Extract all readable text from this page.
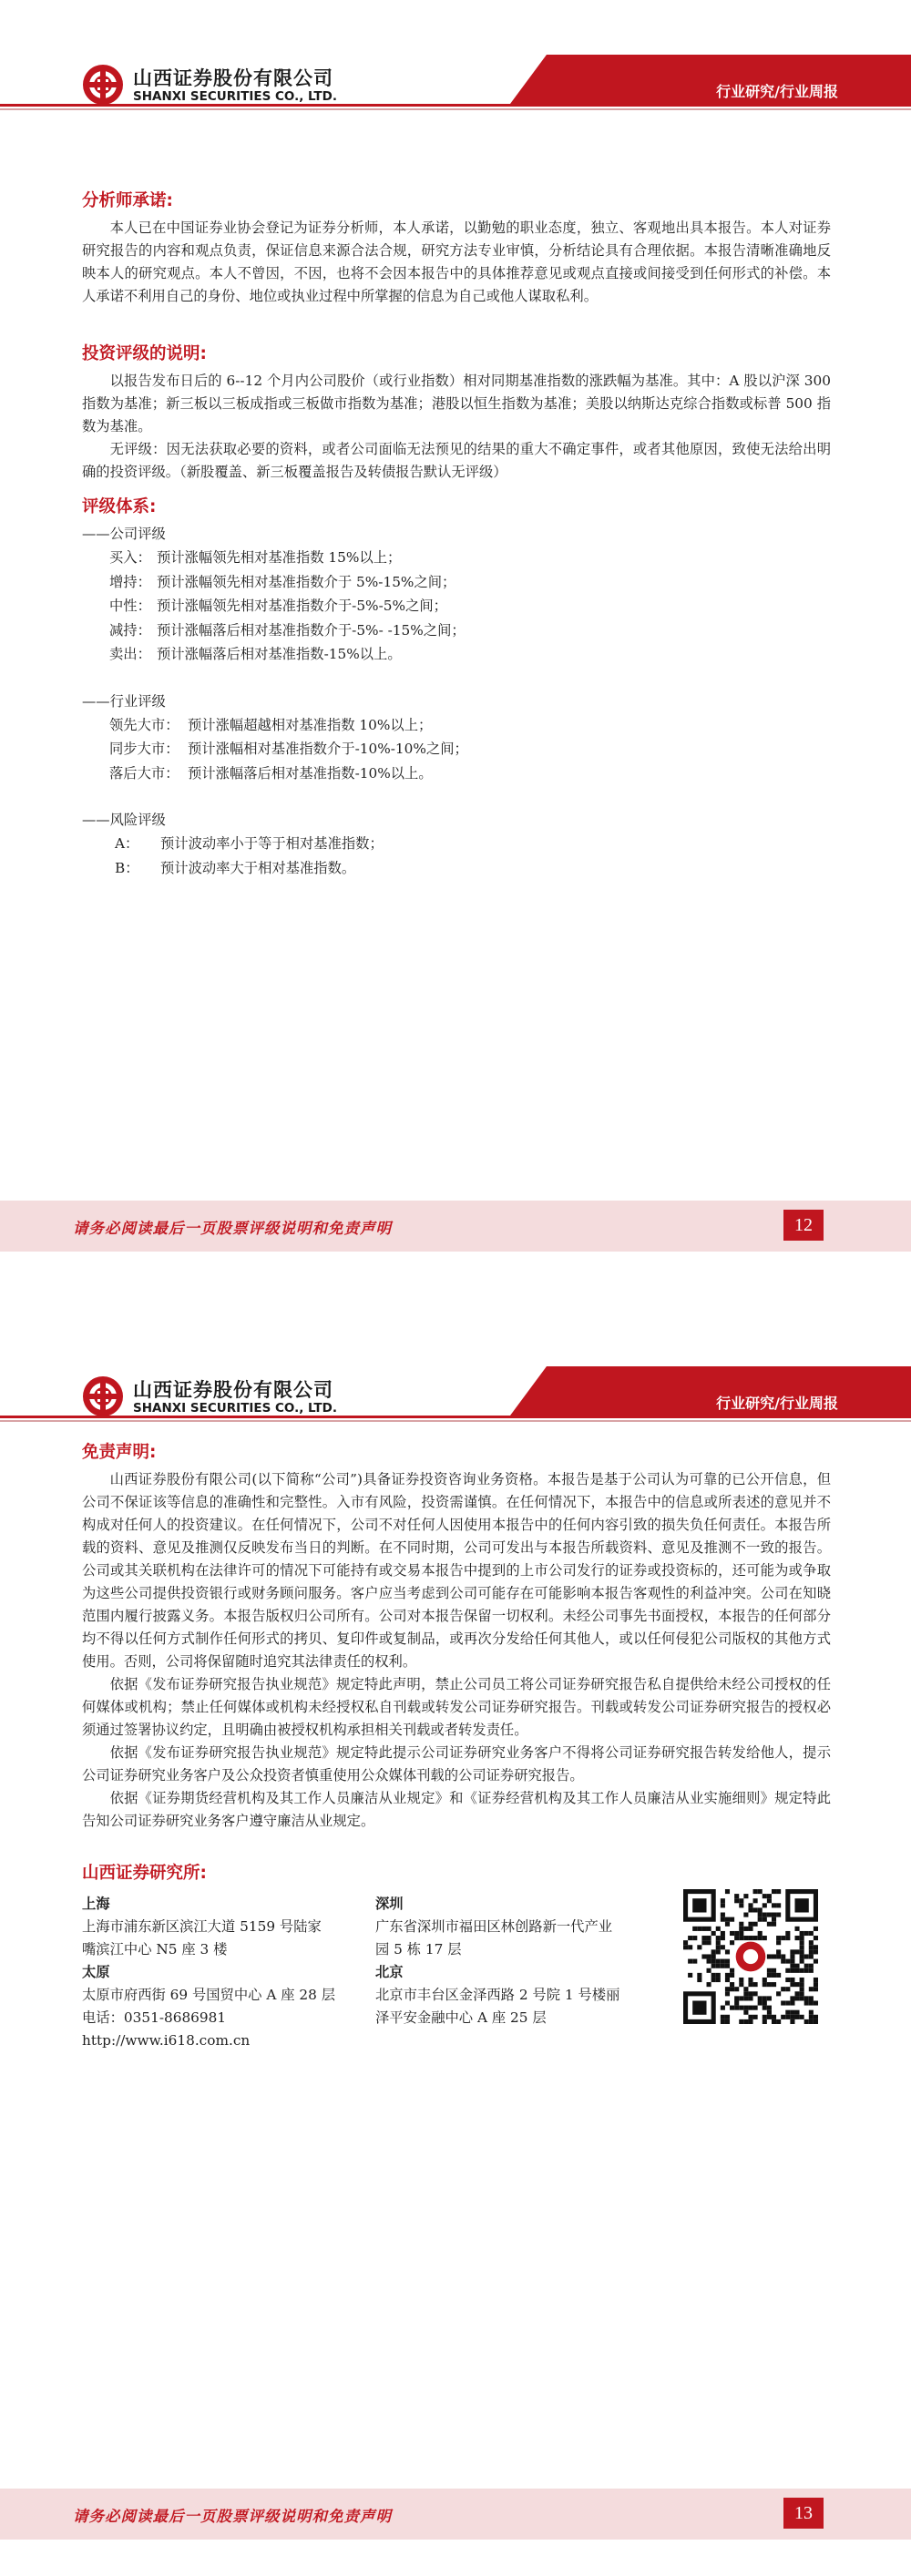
山西证券股份有限公司
SHANXI SECURITIES CO., LTD.	行业研究/行业周报
分析师承诺:

本人已在中国证券业协会登记为证券分析师，本人承诺，以勤勉的职业态度，独立、客观地出具本报告。本人对证券研究报告的内容和观点负责，保证信息来源合法合规，研究方法专业审慎，分析结论具有合理依据。本报告清晰准确地反映本人的研究观点。本人不曾因，不因，也将不会因本报告中的具体推荐意见或观点直接或间接受到任何形式的补偿。本人承诺不利用自己的身份、地位或执业过程中所掌握的信息为自己或他人谋取私利。

投资评级的说明:

以报告发布日后的 6--12 个月内公司股价（或行业指数）相对同期基准指数的涨跌幅为基准。其中：A 股以沪深 300 指数为基准；新三板以三板成指或三板做市指数为基准；港股以恒生指数为基准；美股以纳斯达克综合指数或标普 500 指数为基准。

无评级：因无法获取必要的资料，或者公司面临无法预见的结果的重大不确定事件，或者其他原因，致使无法给出明确的投资评级。（新股覆盖、新三板覆盖报告及转债报告默认无评级）

评级体系:
——公司评级
买入： 预计涨幅领先相对基准指数 15%以上；
增持： 预计涨幅领先相对基准指数介于 5%-15%之间；
中性： 预计涨幅领先相对基准指数介于-5%-5%之间；
减持： 预计涨幅落后相对基准指数介于-5%- -15%之间；
卖出： 预计涨幅落后相对基准指数-15%以上。
——行业评级
领先大市： 预计涨幅超越相对基准指数 10%以上；
同步大市： 预计涨幅相对基准指数介于-10%-10%之间；
落后大市： 预计涨幅落后相对基准指数-10%以上。
——风险评级
A： 预计波动率小于等于相对基准指数；
B： 预计波动率大于相对基准指数。
请务必阅读最后一页股票评级说明和免责声明	12
山西证券股份有限公司
SHANXI SECURITIES CO., LTD.	行业研究/行业周报
免责声明:

山西证券股份有限公司(以下简称“公司”)具备证券投资咨询业务资格。本报告是基于公司认为可靠的已公开信息，但公司不保证该等信息的准确性和完整性。入市有风险，投资需谨慎。在任何情况下，本报告中的信息或所表述的意见并不构成对任何人的投资建议。在任何情况下，公司不对任何人因使用本报告中的任何内容引致的损失负任何责任。本报告所载的资料、意见及推测仅反映发布当日的判断。在不同时期，公司可发出与本报告所载资料、意见及推测不一致的报告。公司或其关联机构在法律许可的情况下可能持有或交易本报告中提到的上市公司发行的证券或投资标的，还可能为或争取为这些公司提供投资银行或财务顾问服务。客户应当考虑到公司可能存在可能影响本报告客观性的利益冲突。公司在知晓范围内履行披露义务。本报告版权归公司所有。公司对本报告保留一切权利。未经公司事先书面授权，本报告的任何部分均不得以任何方式制作任何形式的拷贝、复印件或复制品，或再次分发给任何其他人，或以任何侵犯公司版权的其他方式使用。否则，公司将保留随时追究其法律责任的权利。

依据《发布证券研究报告执业规范》规定特此声明，禁止公司员工将公司证券研究报告私自提供给未经公司授权的任何媒体或机构；禁止任何媒体或机构未经授权私自刊载或转发公司证券研究报告。刊载或转发公司证券研究报告的授权必须通过签署协议约定，且明确由被授权机构承担相关刊载或者转发责任。

依据《发布证券研究报告执业规范》规定特此提示公司证券研究业务客户不得将公司证券研究报告转发给他人，提示公司证券研究业务客户及公众投资者慎重使用公众媒体刊载的公司证券研究报告。

依据《证券期货经营机构及其工作人员廉洁从业规定》和《证券经营机构及其工作人员廉洁从业实施细则》规定特此告知公司证券研究业务客户遵守廉洁从业规定。

山西证券研究所:
上海
上海市浦东新区滨江大道 5159 号陆家
嘴滨江中心 N5 座 3 楼
太原
太原市府西街 69 号国贸中心 A 座 28 层
电话：0351-8686981
http://www.i618.com.cn
深圳
广东省深圳市福田区林创路新一代产业
园 5 栋 17 层
北京
北京市丰台区金泽西路 2 号院 1 号楼丽
泽平安金融中心 A 座 25 层
请务必阅读最后一页股票评级说明和免责声明	13
